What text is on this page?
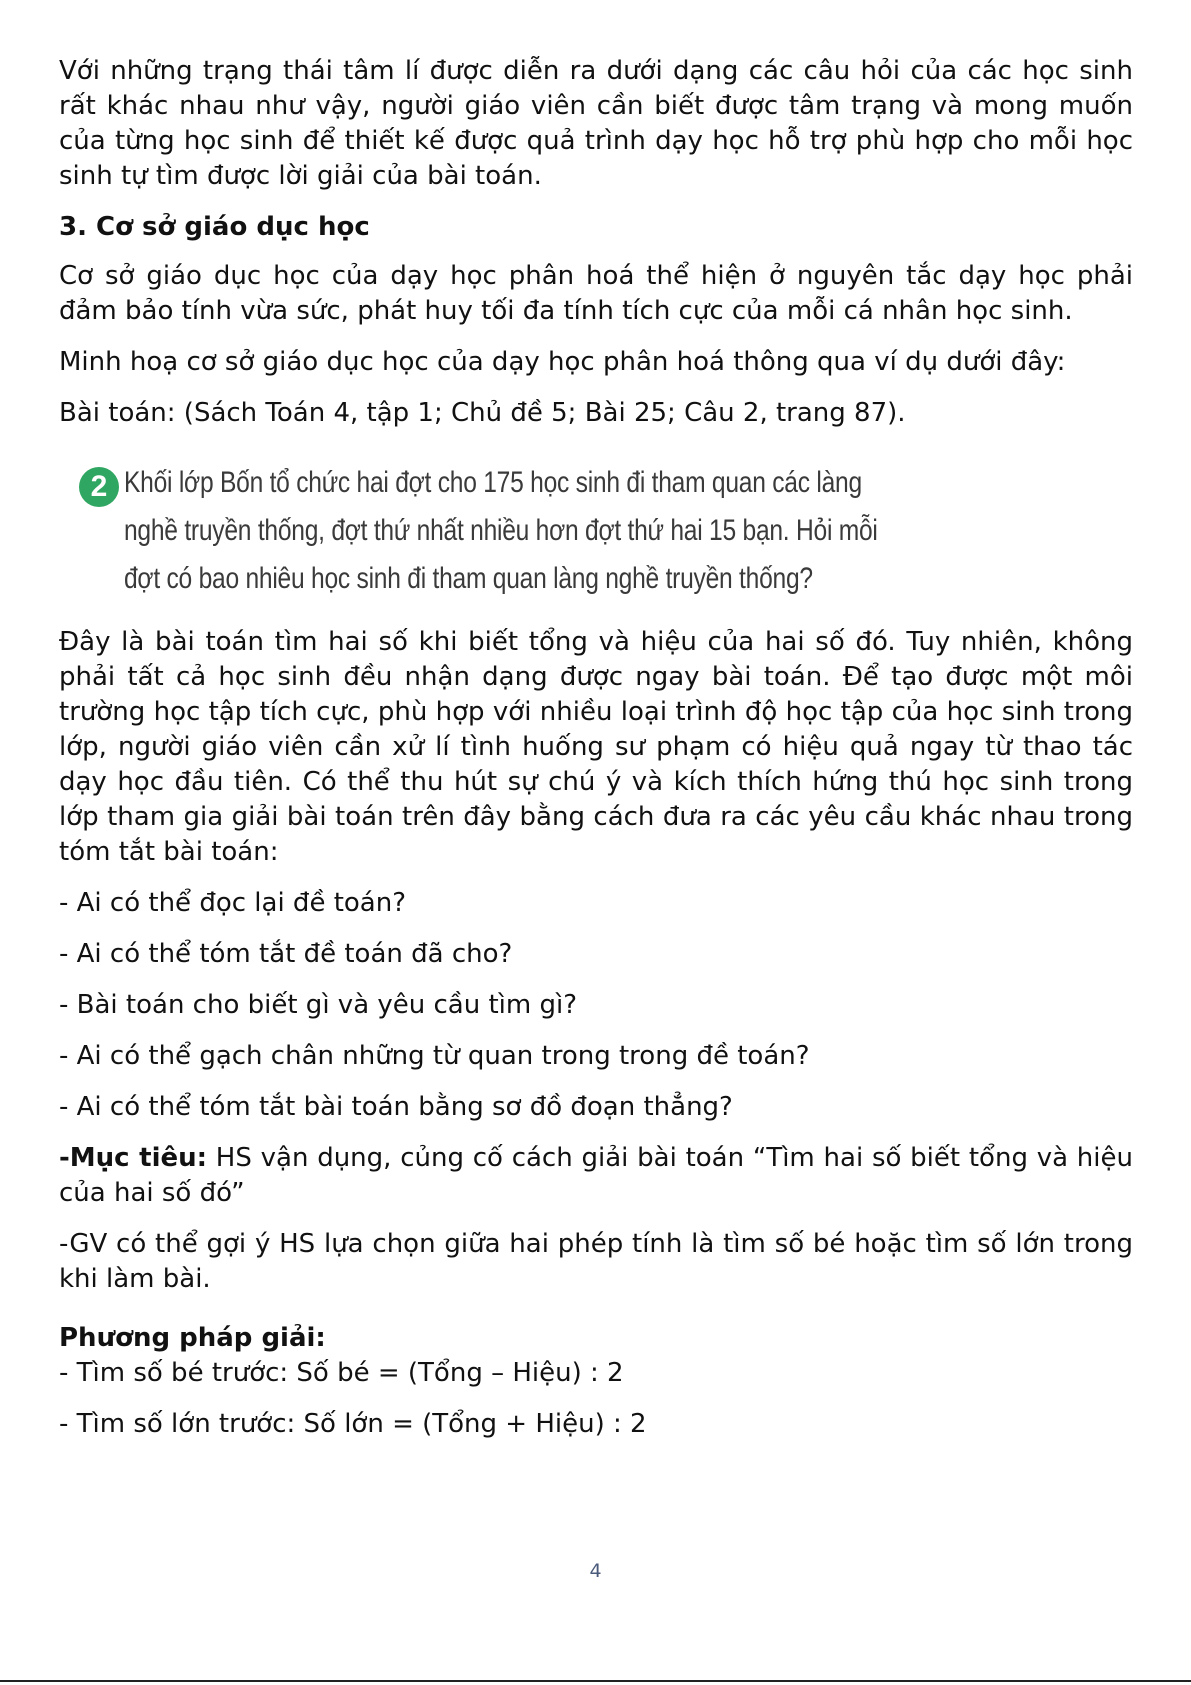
Với những trạng thái tâm lí được diễn ra dưới dạng các câu hỏi của các học sinh rất khác nhau như vậy, người giáo viên cần biết được tâm trạng và mong muốn của từng học sinh để thiết kế được quả trình dạy học hỗ trợ phù hợp cho mỗi học sinh tự tìm được lời giải của bài toán.

3. Cơ sở giáo dục học

Cơ sở giáo dục học của dạy học phân hoá thể hiện ở nguyên tắc dạy học phải đảm bảo tính vừa sức, phát huy tối đa tính tích cực của mỗi cá nhân học sinh.

Minh hoạ cơ sở giáo dục học của dạy học phân hoá thông qua ví dụ dưới đây:

Bài toán: (Sách Toán 4, tập 1; Chủ đề 5; Bài 25; Câu 2, trang 87).

2 Khối lớp Bốn tổ chức hai đợt cho 175 học sinh đi tham quan các làng
nghề truyền thống, đợt thứ nhất nhiều hơn đợt thứ hai 15 bạn. Hỏi mỗi
đợt có bao nhiêu học sinh đi tham quan làng nghề truyền thống?

Đây là bài toán tìm hai số khi biết tổng và hiệu của hai số đó. Tuy nhiên, không phải tất cả học sinh đều nhận dạng được ngay bài toán. Để tạo được một môi trường học tập tích cực, phù hợp với nhiều loại trình độ học tập của học sinh trong lớp, người giáo viên cần xử lí tình huống sư phạm có hiệu quả ngay từ thao tác dạy học đầu tiên. Có thể thu hút sự chú ý và kích thích hứng thú học sinh trong lớp tham gia giải bài toán trên đây bằng cách đưa ra các yêu cầu khác nhau trong tóm tắt bài toán:

- Ai có thể đọc lại đề toán?

- Ai có thể tóm tắt đề toán đã cho?

- Bài toán cho biết gì và yêu cầu tìm gì?

- Ai có thể gạch chân những từ quan trong trong đề toán?

- Ai có thể tóm tắt bài toán bằng sơ đồ đoạn thẳng?

-Mục tiêu: HS vận dụng, củng cố cách giải bài toán “Tìm hai số biết tổng và hiệu của hai số đó”

-GV có thể gợi ý HS lựa chọn giữa hai phép tính là tìm số bé hoặc tìm số lớn trong khi làm bài.

Phương pháp giải:

- Tìm số bé trước: Số bé = (Tổng – Hiệu) : 2

- Tìm số lớn trước: Số lớn = (Tổng + Hiệu) : 2

4
